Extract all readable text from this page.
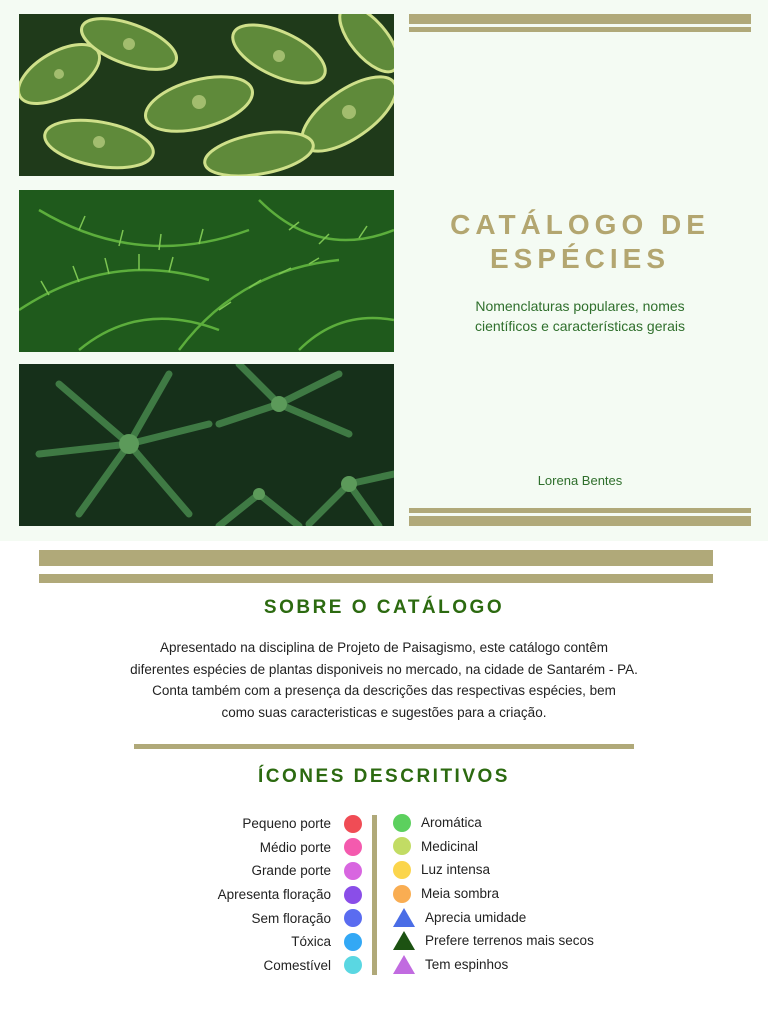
CATÁLOGO DE
ESPÉCIES
Nomenclaturas populares, nomes
científicos e características gerais
Lorena Bentes
SOBRE O CATÁLOGO
Apresentado na disciplina de Projeto de Paisagismo, este catálogo contêm
diferentes espécies de plantas disponiveis no mercado, na cidade de Santarém - PA.
Conta também com a presença da descrições das respectivas espécies, bem
como suas caracteristicas e sugestões para a criação.
ÍCONES DESCRITIVOS
Pequeno porte
Médio porte
Grande porte
Apresenta floração
Sem floração
Tóxica
Comestível
Aromática
Medicinal
Luz intensa
Meia sombra
Aprecia umidade
Prefere terrenos mais secos
Tem espinhos
